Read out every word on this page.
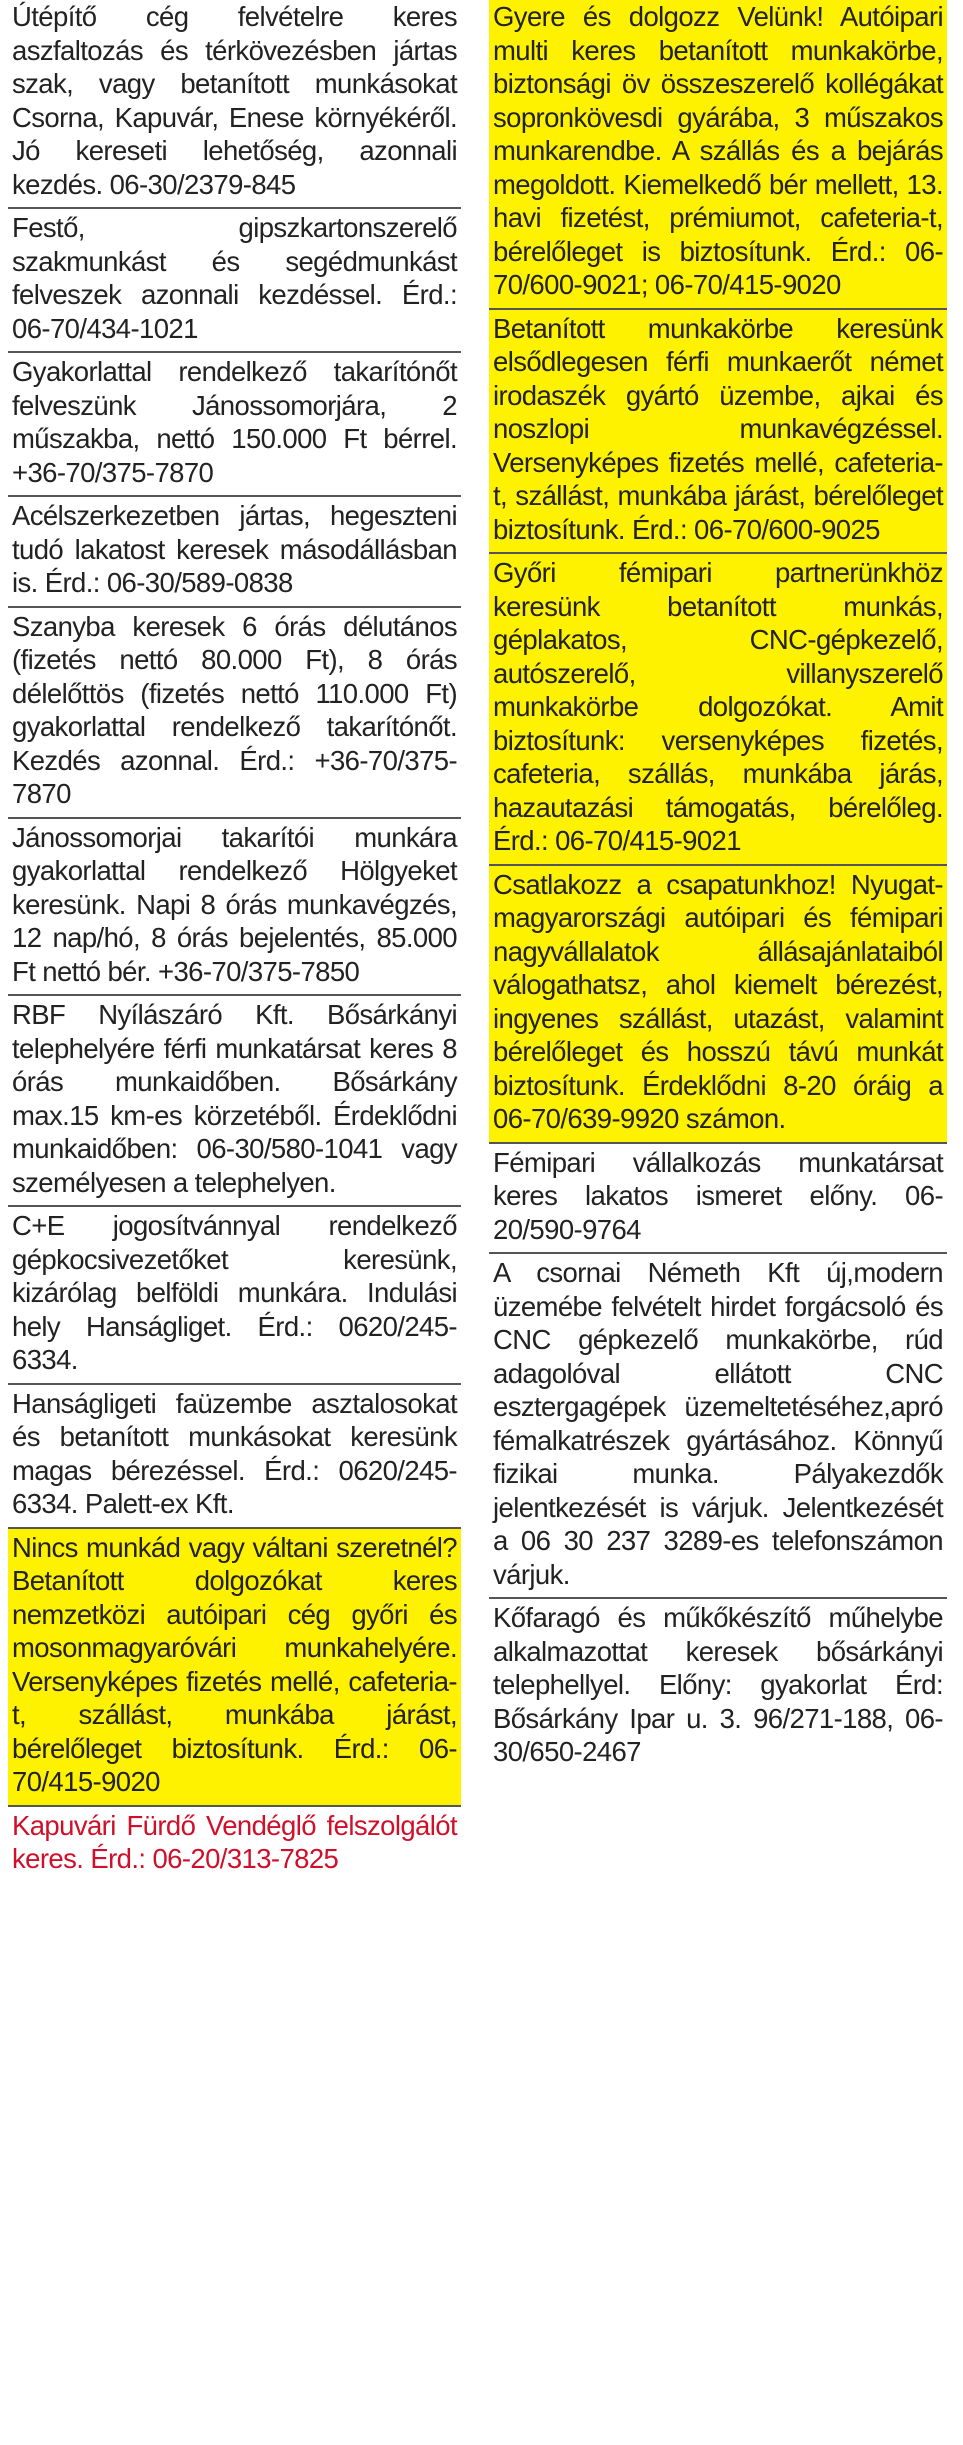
Útépítő cég felvételre keres aszfaltozás és térkövezésben jártas szak, vagy betanított munkásokat Csorna, Kapuvár, Enese környékéről. Jó kereseti lehetőség, azonnali kezdés. 06-30/2379-845
Festő, gipszkartonszerelő szakmunkást és segédmunkást felveszek azonnali kezdéssel. Érd.: 06-70/434-1021
Gyakorlattal rendelkező takarítónőt felveszünk Jánossomorjára, 2 műszakba, nettó 150.000 Ft bérrel. +36-70/375-7870
Acélszerkezetben jártas, hegeszteni tudó lakatost keresek másodállásban is. Érd.: 06-30/589-0838
Szanyba keresek 6 órás délutános (fizetés nettó 80.000 Ft), 8 órás délelőttös (fizetés nettó 110.000 Ft) gyakorlattal rendelkező takarítónőt. Kezdés azonnal. Érd.: +36-70/375-7870
Jánossomorjai takarítói munkára gyakorlattal rendelkező Hölgyeket keresünk. Napi 8 órás munkavégzés, 12 nap/hó, 8 órás bejelentés, 85.000 Ft nettó bér. +36-70/375-7850
RBF Nyílászáró Kft. Bősárkányi telephelyére férfi munkatársat keres 8 órás munkaidőben. Bősárkány max.15 km-es körzetéből. Érdeklődni munkaidőben: 06-30/580-1041 vagy személyesen a telephelyen.
C+E jogosítvánnyal rendelkező gépkocsivezetőket keresünk, kizárólag belföldi munkára. Indulási hely Hanságliget. Érd.: 0620/245-6334.
Hanságligeti faüzembe asztalosokat és betanított munkásokat keresünk magas bérezéssel. Érd.: 0620/245-6334. Palett-ex Kft.
Nincs munkád vagy váltani szeretnél? Betanított dolgozókat keres nemzetközi autóipari cég győri és mosonmagyaróvári munkahelyére. Versenyképes fizetés mellé, cafeteria-t, szállást, munkába járást, bérelőleget biztosítunk. Érd.: 06-70/415-9020
Kapuvári Fürdő Vendéglő felszolgálót keres. Érd.: 06-20/313-7825
Gyere és dolgozz Velünk! Autóipari multi keres betanított munkakörbe, biztonsági öv összeszerelő kollégákat sopronkövesdi gyárába, 3 műszakos munkarendbe. A szállás és a bejárás megoldott. Kiemelkedő bér mellett, 13. havi fizetést, prémiumot, cafeteria-t, bérelőleget is biztosítunk. Érd.: 06-70/600-9021; 06-70/415-9020
Betanított munkakörbe keresünk elsődlegesen férfi munkaerőt német irodaszék gyártó üzembe, ajkai és noszlopi munkavégzéssel. Versenyképes fizetés mellé, cafeteria-t, szállást, munkába járást, bérelőleget biztosítunk. Érd.: 06-70/600-9025
Győri fémipari partnerünkhöz keresünk betanított munkás, géplakatos, CNC-gépkezelő, autószerelő, villanyszerelő munkakörbe dolgozókat. Amit biztosítunk: versenyképes fizetés, cafeteria, szállás, munkába járás, hazautazási támogatás, bérelőleg. Érd.: 06-70/415-9021
Csatlakozz a csapatunkhoz! Nyugat-magyarországi autóipari és fémipari nagyvállalatok állásajánlataiból válogathatsz, ahol kiemelt bérezést, ingyenes szállást, utazást, valamint bérelőleget és hosszú távú munkát biztosítunk. Érdeklődni 8-20 óráig a 06-70/639-9920 számon.
Fémipari vállalkozás munkatársat keres lakatos ismeret előny. 06-20/590-9764
A csornai Németh Kft új,modern üzemébe felvételt hirdet forgácsoló és CNC gépkezelő munkakörbe, rúd adagolóval ellátott CNC esztergagépek üzemeltetéséhez,apró fémalkatrészek gyártásához. Könnyű fizikai munka. Pályakezdők jelentkezését is várjuk. Jelentkezését a 06 30 237 3289-es telefonszámon várjuk.
Kőfaragó és műkőkészítő műhelybe alkalmazottat keresek bősárkányi telephellyel. Előny: gyakorlat Érd: Bősárkány Ipar u. 3. 96/271-188, 06-30/650-2467
